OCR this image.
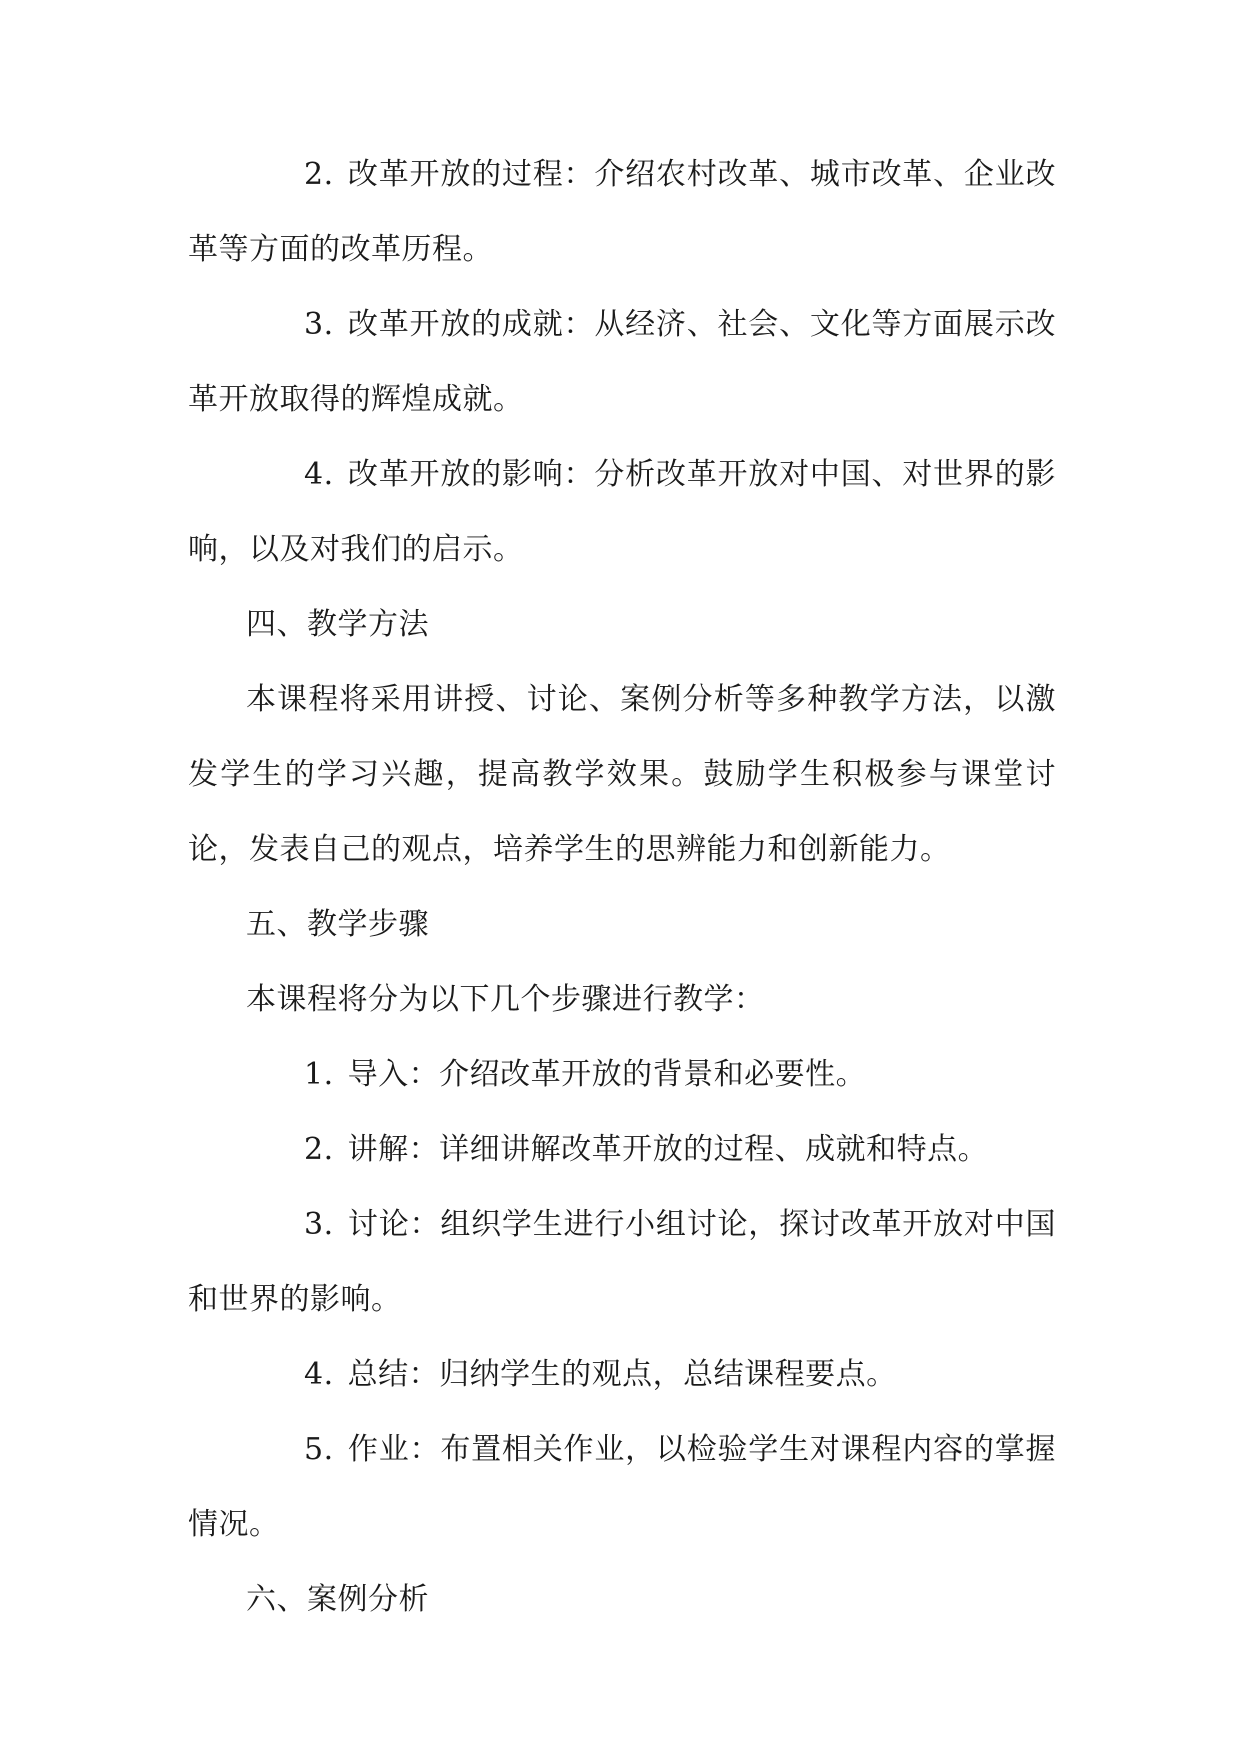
2. 改革开放的过程：介绍农村改革、城市改革、企业改革等方面的改革历程。

3. 改革开放的成就：从经济、社会、文化等方面展示改革开放取得的辉煌成就。

4. 改革开放的影响：分析改革开放对中国、对世界的影响，以及对我们的启示。

四、教学方法

本课程将采用讲授、讨论、案例分析等多种教学方法，以激发学生的学习兴趣，提高教学效果。鼓励学生积极参与课堂讨论，发表自己的观点，培养学生的思辨能力和创新能力。

五、教学步骤

本课程将分为以下几个步骤进行教学：

1. 导入：介绍改革开放的背景和必要性。

2. 讲解：详细讲解改革开放的过程、成就和特点。

3. 讨论：组织学生进行小组讨论，探讨改革开放对中国和世界的影响。

4. 总结：归纳学生的观点，总结课程要点。

5. 作业：布置相关作业，以检验学生对课程内容的掌握情况。

六、案例分析
